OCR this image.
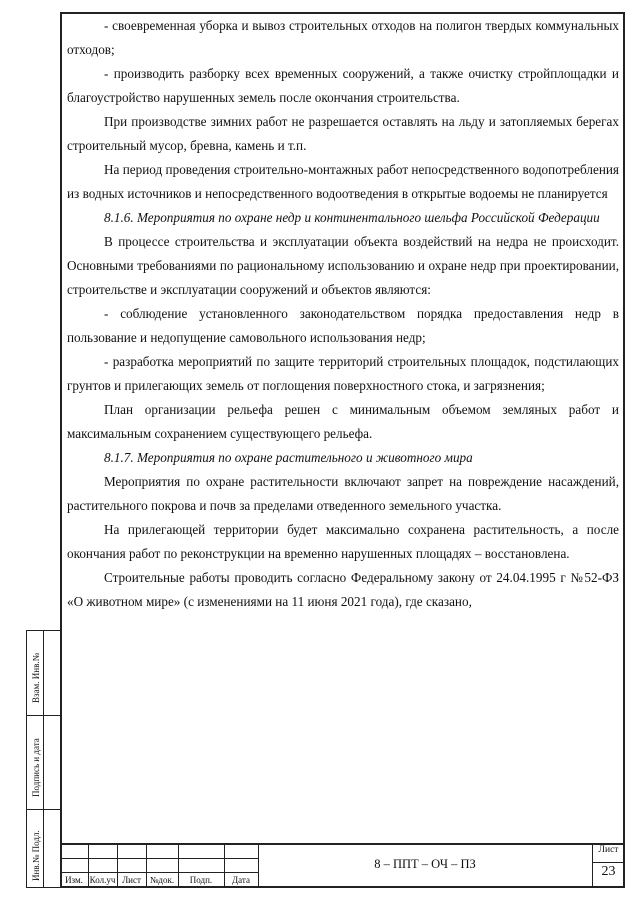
- своевременная уборка и вывоз строительных отходов на полигон твердых коммунальных отходов;

- производить разборку всех временных сооружений, а также очистку стройплощадки и благоустройство нарушенных земель после окончания строительства.

При производстве зимних работ не разрешается оставлять на льду и затопляемых берегах строительный мусор, бревна, камень и т.п.

На период проведения строительно-монтажных работ непосредственного водопотребления из водных источников и непосредственного водоотведения в открытые водоемы не планируется

8.1.6. Мероприятия по охране недр и континентального шельфа Российской Федерации

В процессе строительства и эксплуатации объекта воздействий на недра не происходит. Основными требованиями по рациональному использованию и охране недр при проектировании, строительстве и эксплуатации сооружений и объектов являются:

- соблюдение установленного законодательством порядка предоставления недр в пользование и недопущение самовольного использования недр;

- разработка мероприятий по защите территорий строительных площадок, подстилающих грунтов и прилегающих земель от поглощения поверхностного стока, и загрязнения;

План организации рельефа решен с минимальным объемом земляных работ и максимальным сохранением существующего рельефа.

8.1.7. Мероприятия по охране растительного и животного мира

Мероприятия по охране растительности включают запрет на повреждение насаждений, растительного покрова и почв за пределами отведенного земельного участка.

На прилегающей территории будет максимально сохранена растительность, а после окончания работ по реконструкции на временно нарушенных площадях – восстановлена.

Строительные работы проводить согласно Федеральному закону от 24.04.1995 г №52-ФЗ «О животном мире» (с изменениями на 11 июня 2021 года), где сказано,

Взам. Инв.№
Подпись и дата
Инв.№ Подл.	Изм. Кол.уч Лист №док.	Подп.	Дата
8 – ППТ – ОЧ – ПЗ
Лист
23
